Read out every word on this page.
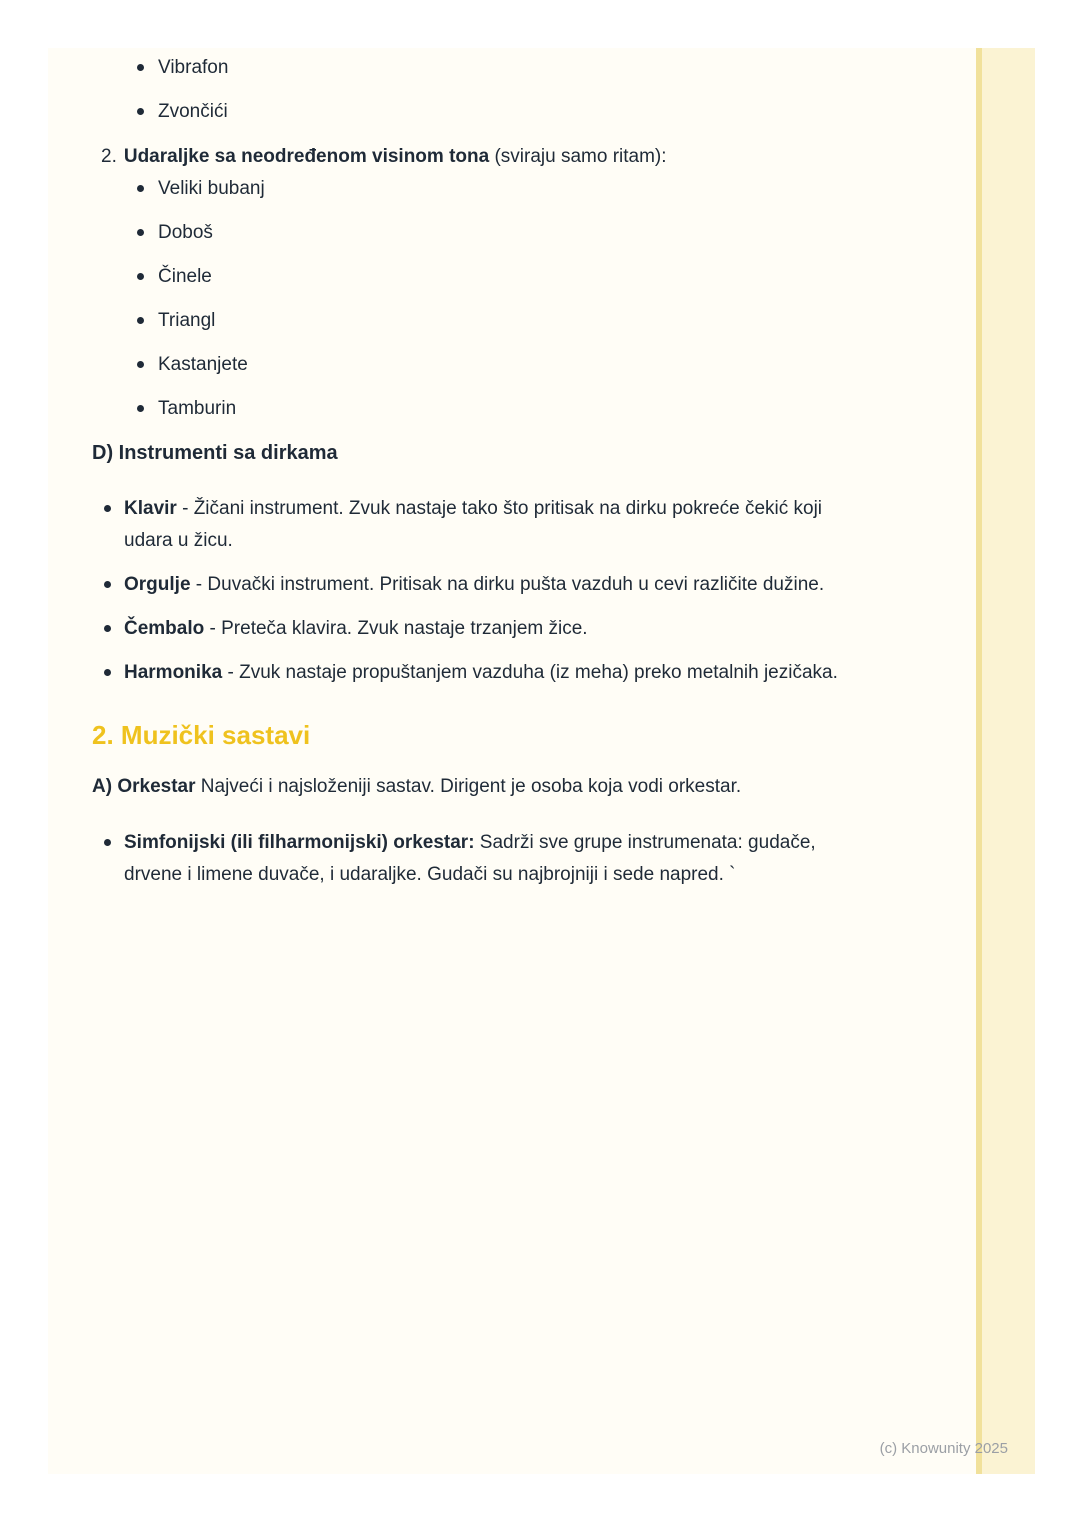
Vibrafon
Zvončići
2. Udaraljke sa neodređenom visinom tona (sviraju samo ritam):
Veliki bubanj
Doboš
Činele
Triangl
Kastanjete
Tamburin
D) Instrumenti sa dirkama
Klavir - Žičani instrument. Zvuk nastaje tako što pritisak na dirku pokreće čekić koji udara u žicu.
Orgulje - Duvački instrument. Pritisak na dirku pušta vazduh u cevi različite dužine.
Čembalo - Preteča klavira. Zvuk nastaje trzanjem žice.
Harmonika - Zvuk nastaje propuštanjem vazduha (iz meha) preko metalnih jezičaka.
2. Muzički sastavi

A) Orkestar Najveći i najsloženiji sastav. Dirigent je osoba koja vodi orkestar.

Simfonijski (ili filharmonijski) orkestar: Sadrži sve grupe instrumenata: gudače, drvene i limene duvače, i udaraljke. Gudači su najbrojniji i sede napred. `
(c) Knowunity 2025
